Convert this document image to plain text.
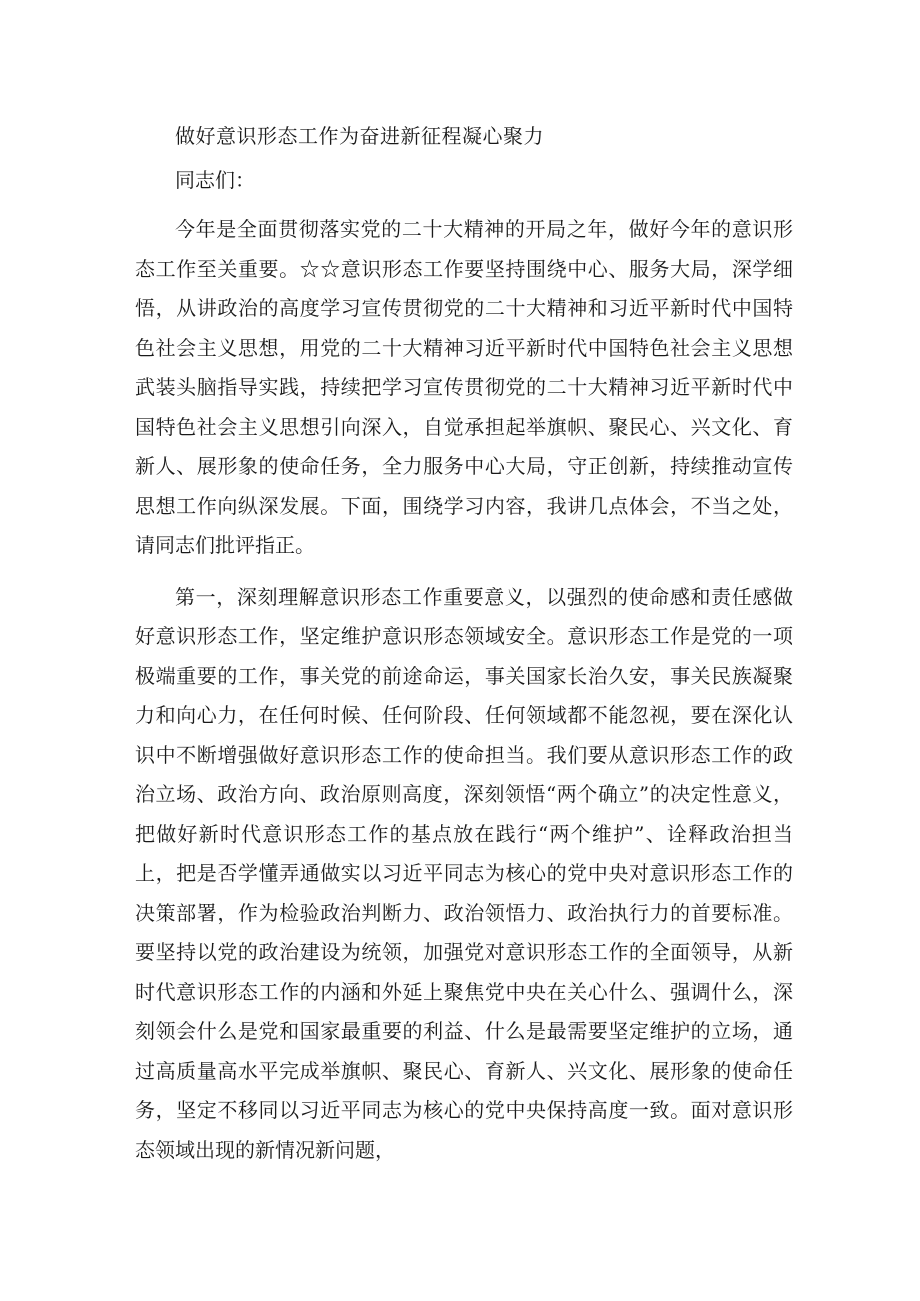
做好意识形态工作为奋进新征程凝心聚力

同志们：

今年是全面贯彻落实党的二十大精神的开局之年，做好今年的意识形态工作至关重要。☆☆意识形态工作要坚持围绕中心、服务大局，深学细悟，从讲政治的高度学习宣传贯彻党的二十大精神和习近平新时代中国特色社会主义思想，用党的二十大精神习近平新时代中国特色社会主义思想武装头脑指导实践，持续把学习宣传贯彻党的二十大精神习近平新时代中国特色社会主义思想引向深入，自觉承担起举旗帜、聚民心、兴文化、育新人、展形象的使命任务，全力服务中心大局，守正创新，持续推动宣传思想工作向纵深发展。下面，围绕学习内容，我讲几点体会，不当之处，请同志们批评指正。

第一，深刻理解意识形态工作重要意义，以强烈的使命感和责任感做好意识形态工作，坚定维护意识形态领域安全。意识形态工作是党的一项极端重要的工作，事关党的前途命运，事关国家长治久安，事关民族凝聚力和向心力，在任何时候、任何阶段、任何领域都不能忽视，要在深化认识中不断增强做好意识形态工作的使命担当。我们要从意识形态工作的政治立场、政治方向、政治原则高度，深刻领悟“两个确立”的决定性意义，把做好新时代意识形态工作的基点放在践行“两个维护”、诠释政治担当上，把是否学懂弄通做实以习近平同志为核心的党中央对意识形态工作的决策部署，作为检验政治判断力、政治领悟力、政治执行力的首要标准。要坚持以党的政治建设为统领，加强党对意识形态工作的全面领导，从新时代意识形态工作的内涵和外延上聚焦党中央在关心什么、强调什么，深刻领会什么是党和国家最重要的利益、什么是最需要坚定维护的立场，通过高质量高水平完成举旗帜、聚民心、育新人、兴文化、展形象的使命任务，坚定不移同以习近平同志为核心的党中央保持高度一致。面对意识形态领域出现的新情况新问题，
